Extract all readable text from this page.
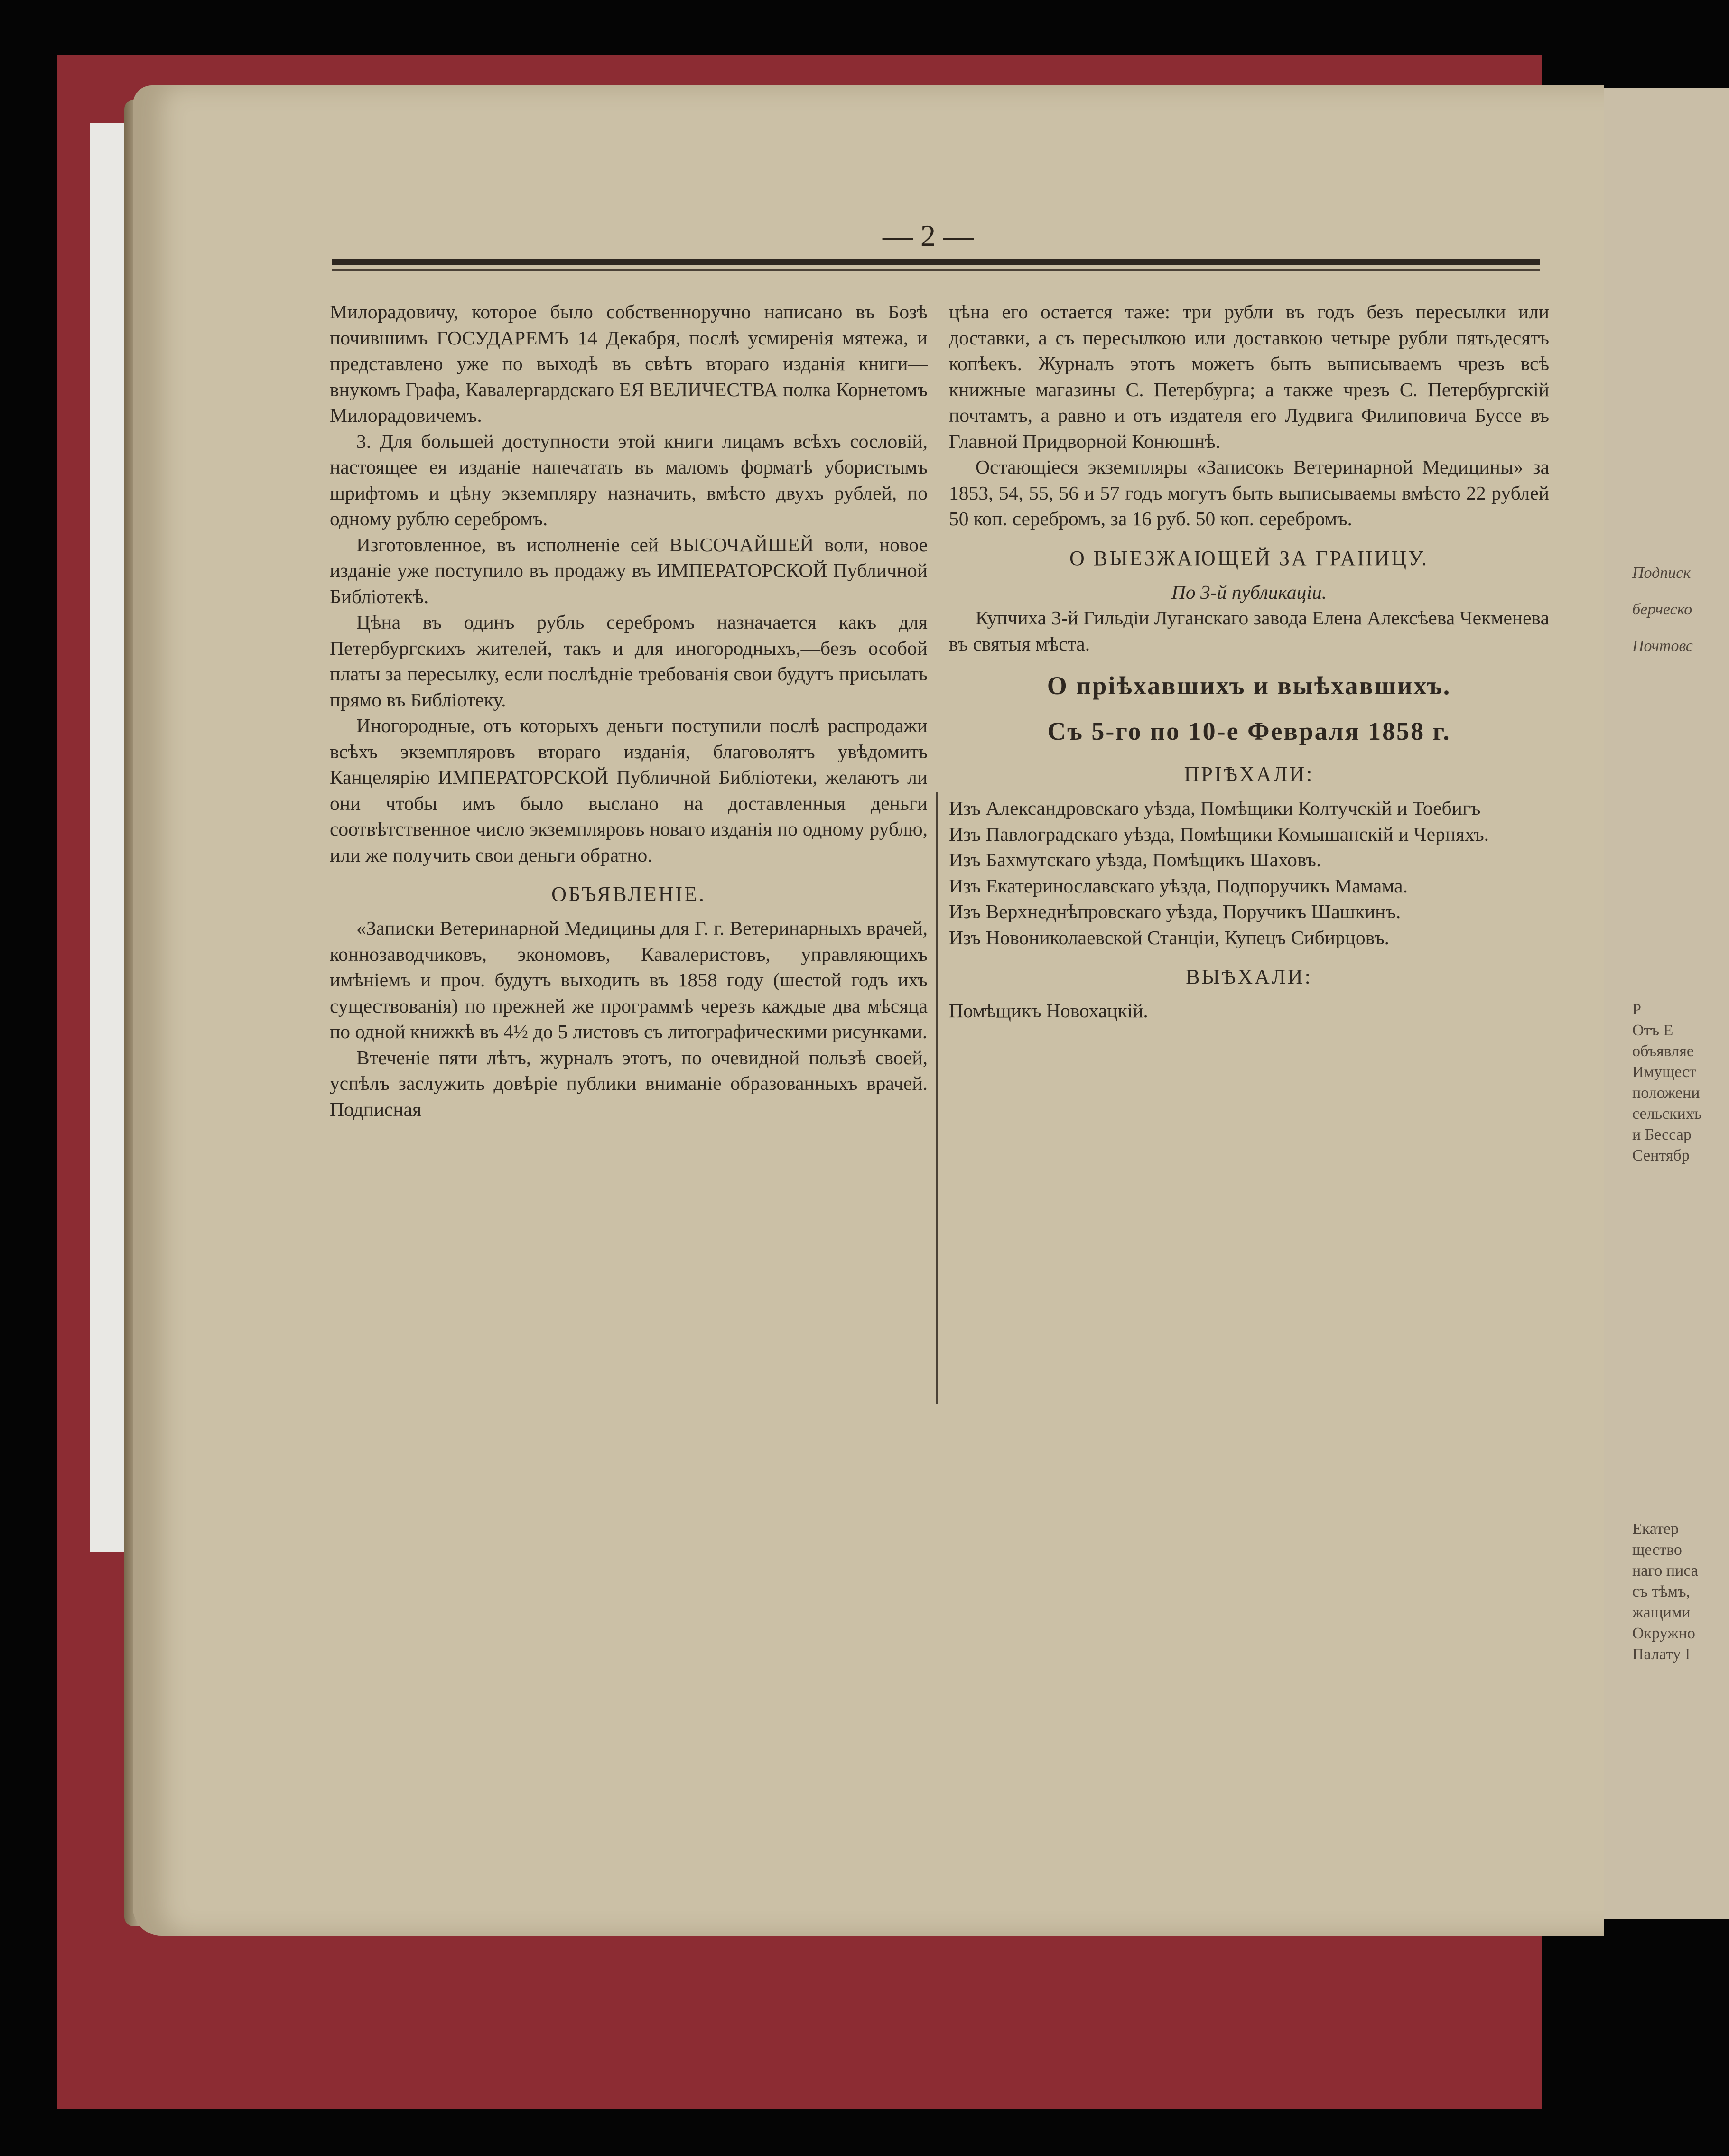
Подписк
берческо
Почтовс
Р
Отъ Е
объявляе
Имущест
положени
сельскихъ
и Бессар
Сентябр
Екатер
щество
наго писа
съ тѣмъ,
жащими
Окружно
Палату І
— 2 —

Милорадовичу, которое было собственноручно написано въ Бозѣ почившимъ ГОСУДАРЕМЪ 14 Декабря, послѣ усмиренія мятежа, и представлено уже по выходѣ въ свѣтъ втораго изданія книги— внукомъ Графа, Кавалергардскаго ЕЯ ВЕЛИЧЕСТВА полка Корнетомъ Милорадовичемъ.

3. Для большей доступности этой книги лицамъ всѣхъ сословій, настоящее ея изданіе напечатать въ маломъ форматѣ убористымъ шрифтомъ и цѣну экземпляру назначить, вмѣсто двухъ рублей, по одному рублю серебромъ.

Изготовленное, въ исполненіе сей ВЫСОЧАЙШЕЙ воли, новое изданіе уже поступило въ продажу въ ИМПЕРАТОРСКОЙ Публичной Библіотекѣ.

Цѣна въ одинъ рубль серебромъ назначается какъ для Петербургскихъ жителей, такъ и для иногородныхъ,—безъ особой платы за пересылку, если послѣдніе требованія свои будутъ присылать прямо въ Библіотеку.

Иногородные, отъ которыхъ деньги поступили послѣ распродажи всѣхъ экземпляровъ втораго изданія, благоволятъ увѣдомить Канцелярію ИМПЕРАТОРСКОЙ Публичной Библіотеки, желаютъ ли они чтобы имъ было выслано на доставленныя деньги соотвѣтственное число экземпляровъ новаго изданія по одному рублю, или же получить свои деньги обратно.

ОБЪЯВЛЕНІЕ.

«Записки Ветеринарной Медицины для Г. г. Ветеринарныхъ врачей, коннозаводчиковъ, экономовъ, Кавалеристовъ, управляющихъ имѣніемъ и проч. будутъ выходить въ 1858 году (шестой годъ ихъ существованія) по прежней же программѣ черезъ каждые два мѣсяца по одной книжкѣ въ 4½ до 5 листовъ съ литографическими рисунками.

Втеченіе пяти лѣтъ, журналъ этотъ, по очевидной пользѣ своей, успѣлъ заслужить довѣріе публики вниманіе образованныхъ врачей. Подписная

цѣна его остается таже: три рубли въ годъ безъ пересылки или доставки, а съ пересылкою или доставкою четыре рубли пятьдесятъ копѣекъ. Журналъ этотъ можетъ быть выписываемъ чрезъ всѣ книжные магазины С. Петербурга; а также чрезъ С. Петербургскій почтамтъ, а равно и отъ издателя его Лудвига Филиповича Буссе въ Главной Придворной Конюшнѣ.

Остающіеся экземпляры «Записокъ Ветеринарной Медицины» за 1853, 54, 55, 56 и 57 годъ могутъ быть выписываемы вмѣсто 22 рублей 50 коп. серебромъ, за 16 руб. 50 коп. серебромъ.

О ВЫЕЗЖАЮЩЕЙ ЗА ГРАНИЦУ.

По 3-й публикаціи.

Купчиха 3-й Гильдіи Луганскаго завода Елена Алексѣева Чекменева въ святыя мѣста.

О пріѣхавшихъ и выѣхавшихъ.
Съ 5-го по 10-е Февраля 1858 г.
ПРІѢХАЛИ:

Изъ Александровскаго уѣзда, Помѣщики Колтучскій и Тоебигъ

Изъ Павлоградскаго уѣзда, Помѣщики Комышанскій и Черняхъ.

Изъ Бахмутскаго уѣзда, Помѣщикъ Шаховъ.

Изъ Екатеринославскаго уѣзда, Подпоручикъ Мамама.

Изъ Верхнеднѣпровскаго уѣзда, Поручикъ Шашкинъ.

Изъ Новониколаевской Станціи, Купецъ Сибирцовъ.

ВЫѢХАЛИ:

Помѣщикъ Новохацкій.
